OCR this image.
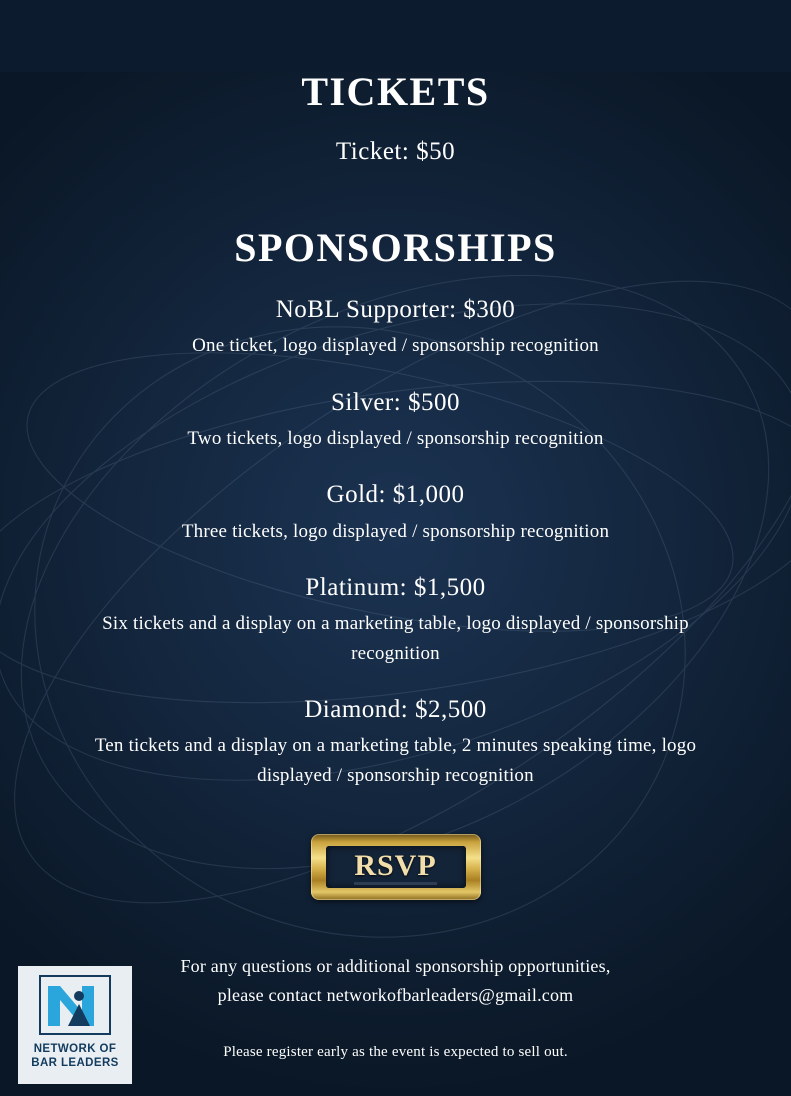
TICKETS
Ticket: $50
SPONSORSHIPS
NoBL Supporter: $300
One ticket, logo displayed / sponsorship recognition
Silver: $500
Two tickets, logo displayed / sponsorship recognition
Gold: $1,000
Three tickets, logo displayed / sponsorship recognition
Platinum: $1,500
Six tickets and a display on a marketing table, logo displayed / sponsorship recognition
Diamond: $2,500
Ten tickets and a display on a marketing table, 2 minutes speaking time, logo displayed / sponsorship recognition
RSVP
For any questions or additional sponsorship opportunities,
please contact networkofbarleaders@gmail.com
Please register early as the event is expected to sell out.
NETWORK OF
BAR LEADERS
